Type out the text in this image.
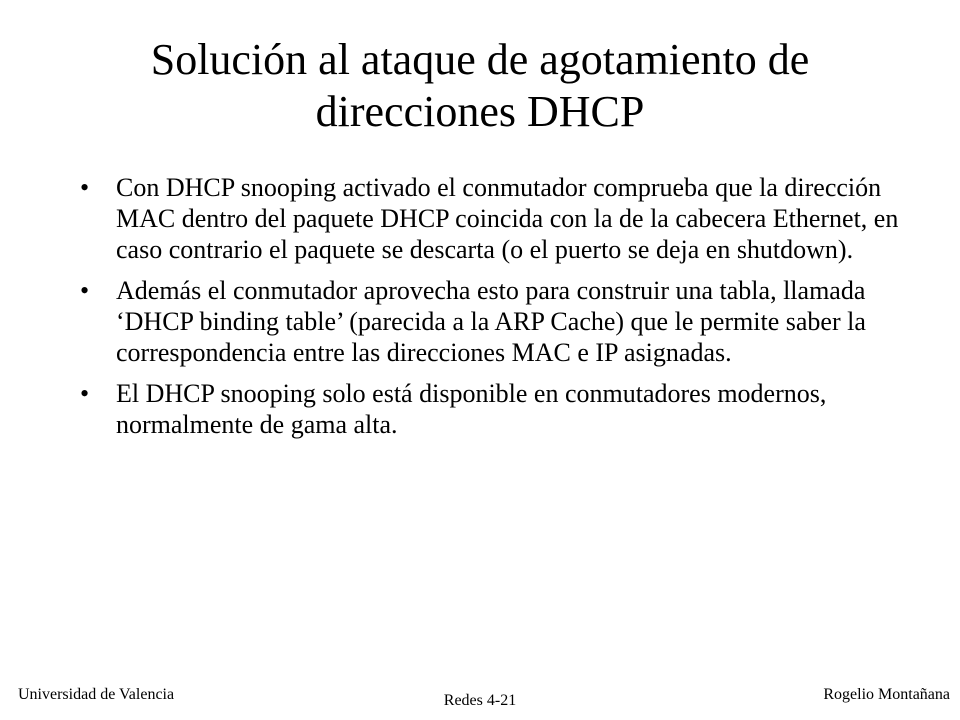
Solución al ataque de agotamiento de
direcciones DHCP
• Con DHCP snooping activado el conmutador comprueba que la dirección MAC dentro del paquete DHCP coincida con la de la cabecera Ethernet, en caso contrario el paquete se descarta (o el puerto se deja en shutdown).
• Además el conmutador aprovecha esto para construir una tabla, llamada ‘DHCP binding table’ (parecida a la ARP Cache) que le permite saber la correspondencia entre las direcciones MAC e IP asignadas.
• El DHCP snooping solo está disponible en conmutadores modernos, normalmente de gama alta.
Universidad de Valencia	Redes 4-21	Rogelio Montañana
